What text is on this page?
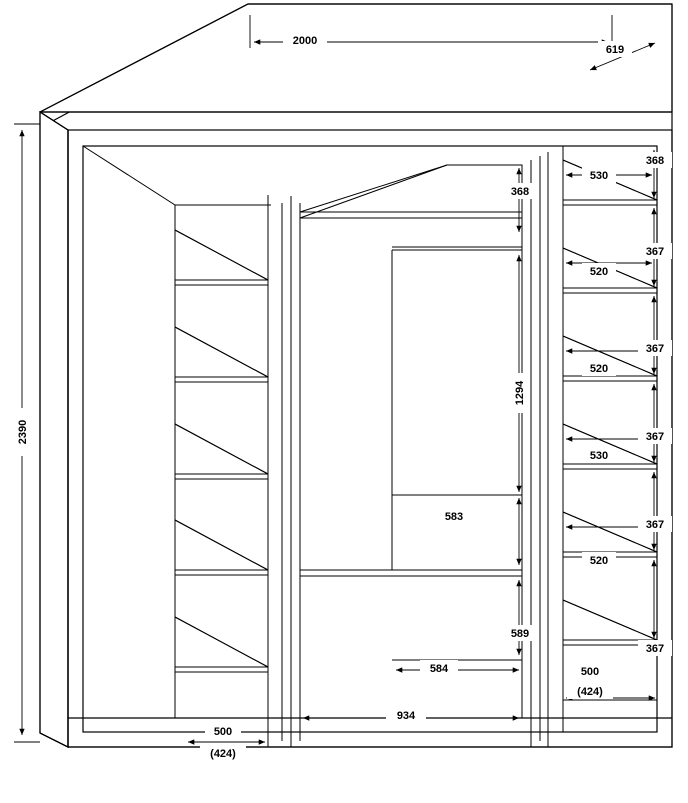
2000
619
2390
934
584
500
(424)
500
(424)
368
1294
583
589
530
368
520
367
520
367
530
367
520
367
367
